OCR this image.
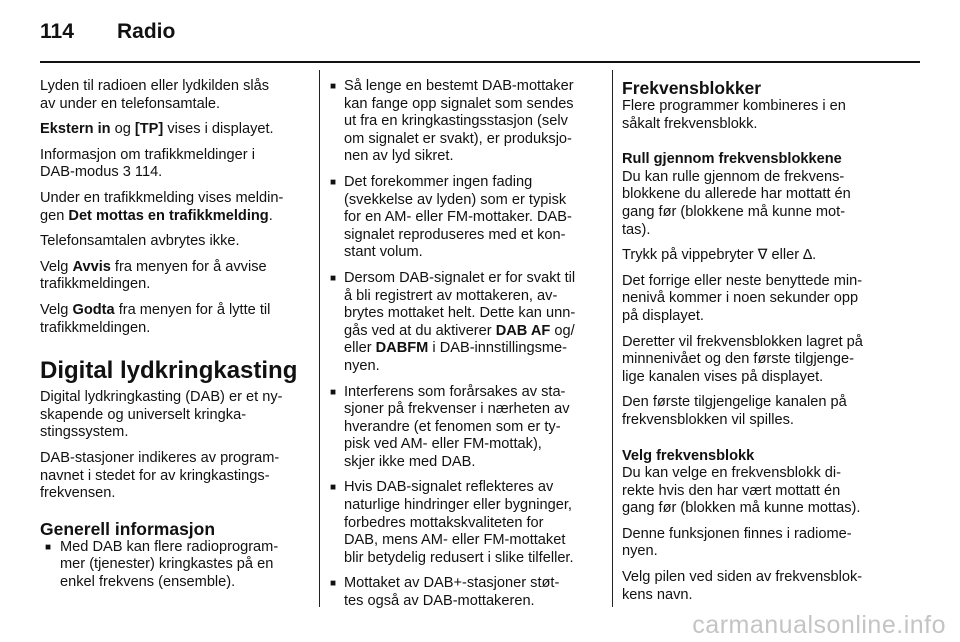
114 Radio

Lyden til radioen eller lydkilden slås
av under en telefonsamtale.

Ekstern in og [TP] vises i displayet.

Informasjon om trafikkmeldinger i
DAB-modus 3 114.

Under en trafikkmelding vises meldin-
gen Det mottas en trafikkmelding.

Telefonsamtalen avbrytes ikke.

Velg Avvis fra menyen for å avvise
trafikkmeldingen.

Velg Godta fra menyen for å lytte til
trafikkmeldingen.

Digital lydkringkasting

Digital lydkringkasting (DAB) er et ny-
skapende og universelt kringka-
stingssystem.

DAB-stasjoner indikeres av program-
navnet i stedet for av kringkastings-
frekvensen.

Generell informasjon
■ Med DAB kan flere radioprogram-
mer (tjenester) kringkastes på en
enkel frekvens (ensemble).
■ Så lenge en bestemt DAB-mottaker
kan fange opp signalet som sendes
ut fra en kringkastingsstasjon (selv
om signalet er svakt), er produksjo-
nen av lyd sikret.
■ Det forekommer ingen fading
(svekkelse av lyden) som er typisk
for en AM- eller FM-mottaker. DAB-
signalet reproduseres med et kon-
stant volum.
■ Dersom DAB-signalet er for svakt til
å bli registrert av mottakeren, av-
brytes mottaket helt. Dette kan unn-
gås ved at du aktiverer DAB AF og/
eller DABFM i DAB-innstillingsme-
nyen.
■ Interferens som forårsakes av sta-
sjoner på frekvenser i nærheten av
hverandre (et fenomen som er ty-
pisk ved AM- eller FM-mottak),
skjer ikke med DAB.
■ Hvis DAB-signalet reflekteres av
naturlige hindringer eller bygninger,
forbedres mottakskvaliteten for
DAB, mens AM- eller FM-mottaket
blir betydelig redusert i slike tilfeller.
■ Mottaket av DAB+-stasjoner støt-
tes også av DAB-mottakeren.
Frekvensblokker

Flere programmer kombineres i en
såkalt frekvensblokk.

Rull gjennom frekvensblokkene

Du kan rulle gjennom de frekvens-
blokkene du allerede har mottatt én
gang før (blokkene må kunne mot-
tas).

Trykk på vippebryter ∇ eller ∆.

Det forrige eller neste benyttede min-
nenivå kommer i noen sekunder opp
på displayet.

Deretter vil frekvensblokken lagret på
minnenivået og den første tilgjenge-
lige kanalen vises på displayet.

Den første tilgjengelige kanalen på
frekvensblokken vil spilles.

Velg frekvensblokk

Du kan velge en frekvensblokk di-
rekte hvis den har vært mottatt én
gang før (blokken må kunne mottas).

Denne funksjonen finnes i radiome-
nyen.

Velg pilen ved siden av frekvensblok-
kens navn.

carmanualsonline.info
